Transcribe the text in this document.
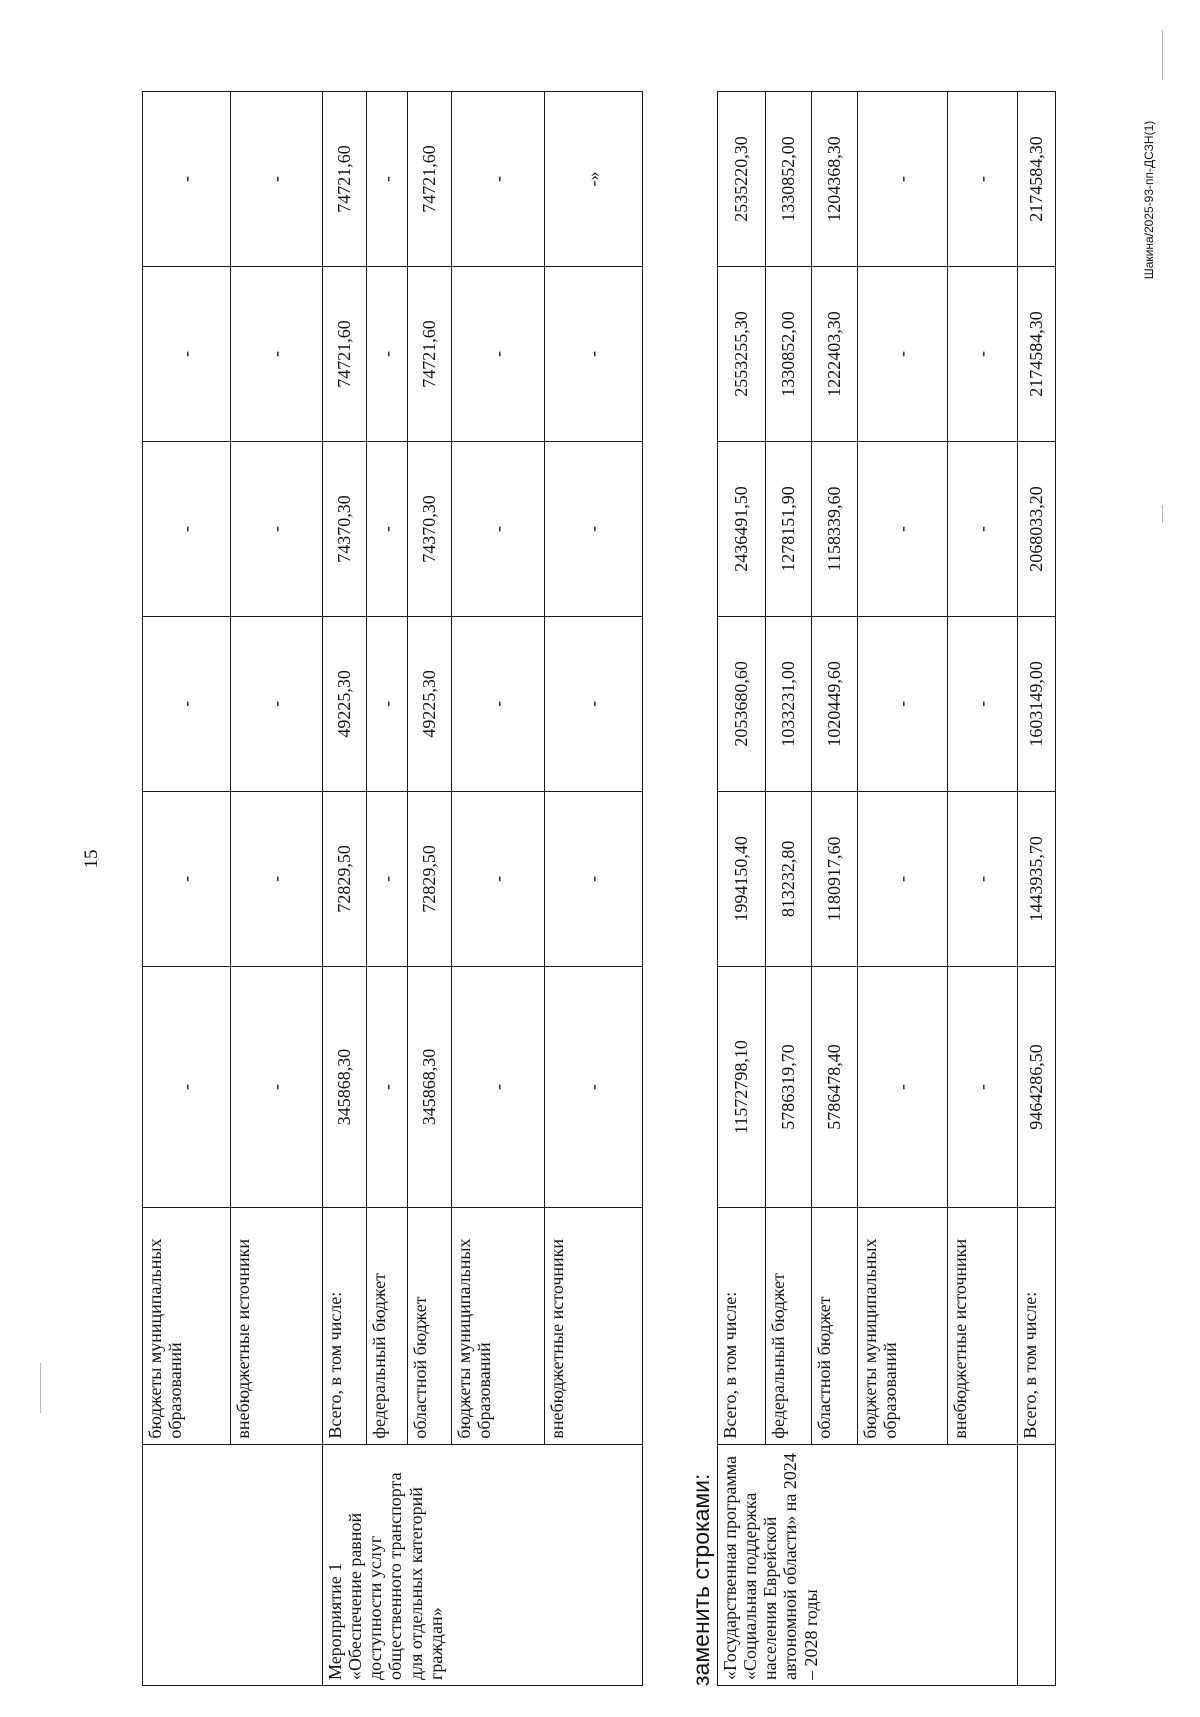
15

Шакина/2025-93-пп-ДСЗН(1)

	бюджеты муниципальных образований	-	-	-	-	-	-
	внебюджетные источники	-	-	-	-	-	-
Мероприятие 1 «Обеспечение равной доступности услуг общественного транспорта для отдельных категорий граждан»	Всего, в том числе:	345868,30	72829,50	49225,30	74370,30	74721,60	74721,60
	федеральный бюджет	-	-	-	-	-	-
	областной бюджет	345868,30	72829,50	49225,30	74370,30	74721,60	74721,60
	бюджеты муниципальных образований	-	-	-	-	-	-
	внебюджетные источники	-	-	-	-	-	-»

заменить строками: «Государственная программа «Социальная поддержка населения Еврейской автономной области» на 2024 – 2028 годы	Всего, в том числе:	11572798,10	1994150,40	2053680,60	2436491,50	2553255,30	2535220,30
	федеральный бюджет	5786319,70	813232,80	1033231,00	1278151,90	1330852,00	1330852,00
	областной бюджет	5786478,40	1180917,60	1020449,60	1158339,60	1222403,30	1204368,30
	бюджеты муниципальных образований	-	-	-	-	-	-
	внебюджетные источники	-	-	-	-	-	-
	Всего, в том числе:	9464286,50	1443935,70	1603149,00	2068033,20	2174584,30	2174584,30
